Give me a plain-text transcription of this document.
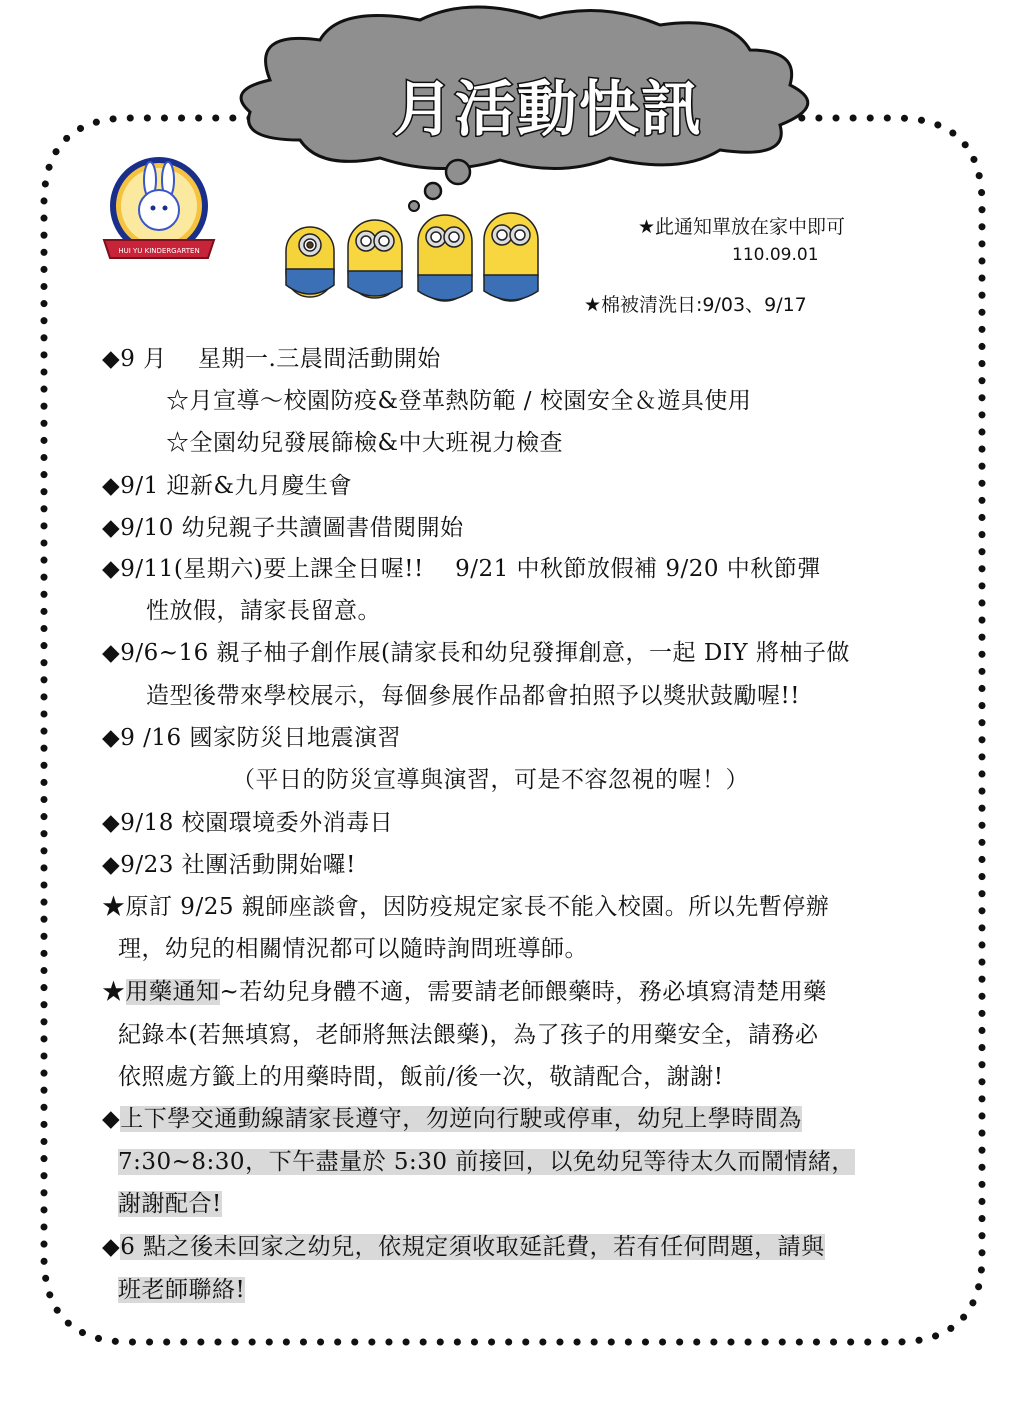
月活動快訊
HUI YU KINDERGARTEN
惠幼幼兒園
★此通知單放在家中即可
110.09.01
★棉被清洗日:9/03、9/17
◆9 月　 星期一.三晨間活動開始
☆月宣導～校園防疫&登革熱防範 / 校園安全＆遊具使用
☆全園幼兒發展篩檢&中大班視力檢查
◆9/1 迎新&九月慶生會
◆9/10 幼兒親子共讀圖書借閱開始
◆9/11(星期六)要上課全日喔!! 　9/21 中秋節放假補 9/20 中秋節彈
性放假，請家長留意。
◆9/6~16 親子柚子創作展(請家長和幼兒發揮創意，一起 DIY 將柚子做
造型後帶來學校展示，每個參展作品都會拍照予以獎狀鼓勵喔!!
◆9 /16 國家防災日地震演習
（平日的防災宣導與演習，可是不容忽視的喔！）
◆9/18 校園環境委外消毒日
◆9/23 社團活動開始囉!
★原訂 9/25 親師座談會，因防疫規定家長不能入校園。所以先暫停辦
理，幼兒的相關情況都可以隨時詢問班導師。
★用藥通知~若幼兒身體不適，需要請老師餵藥時，務必填寫清楚用藥
紀錄本(若無填寫，老師將無法餵藥)，為了孩子的用藥安全，請務必
依照處方籤上的用藥時間，飯前/後一次，敬請配合，謝謝!
◆上下學交通動線請家長遵守，勿逆向行駛或停車，幼兒上學時間為
7:30~8:30，下午盡量於 5:30 前接回，以免幼兒等待太久而鬧情緒，
謝謝配合!
◆6 點之後未回家之幼兒，依規定須收取延託費，若有任何問題，請與
班老師聯絡!
